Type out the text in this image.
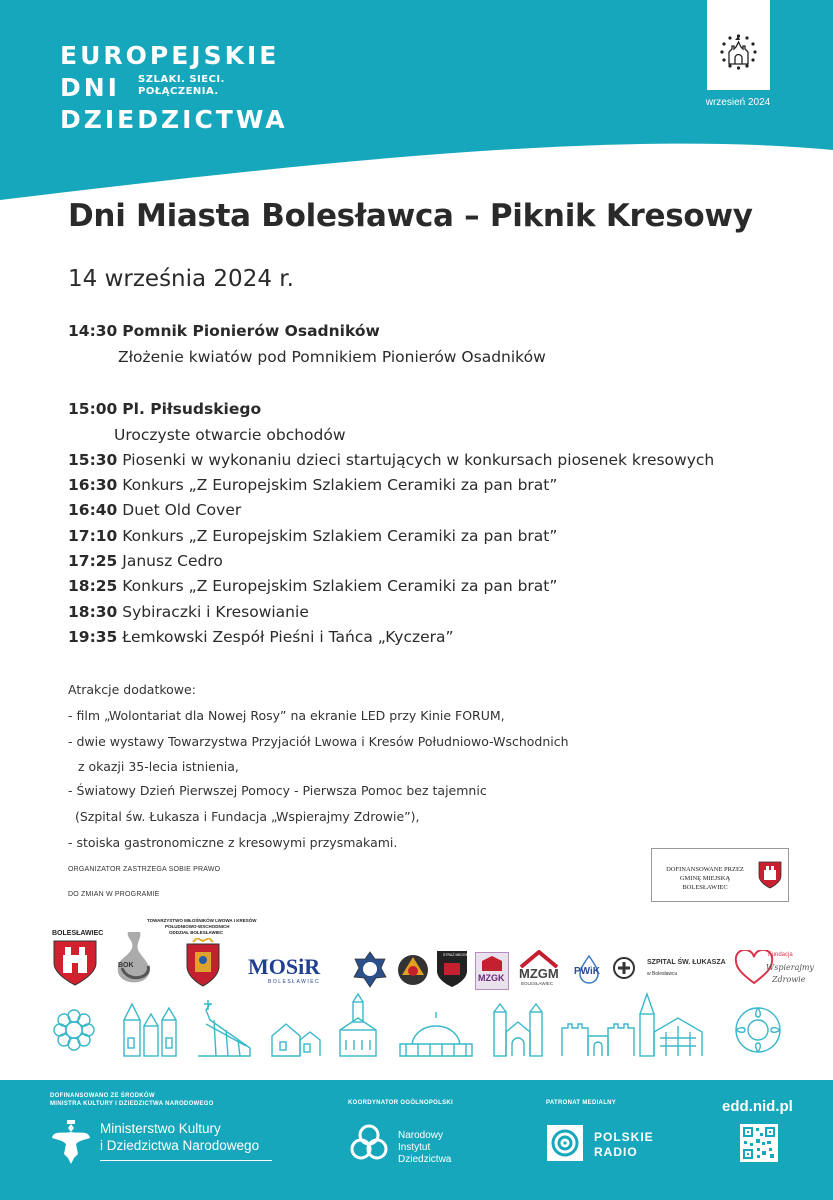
EUROPEJSKIE
DNI
DZIEDZICTWA
SZLAKI. SIECI.
POŁĄCZENIA.
wrzesień 2024
Dni Miasta Bolesławca – Piknik Kresowy
14 września 2024 r.
14:30 Pomnik Pionierów Osadników
Złożenie kwiatów pod Pomnikiem Pionierów Osadników
15:00 Pl. Piłsudskiego
Uroczyste otwarcie obchodów
15:30 Piosenki w wykonaniu dzieci startujących w konkursach piosenek kresowych
16:30 Konkurs „Z Europejskim Szlakiem Ceramiki za pan brat”
16:40 Duet Old Cover
17:10 Konkurs „Z Europejskim Szlakiem Ceramiki za pan brat”
17:25 Janusz Cedro
18:25 Konkurs „Z Europejskim Szlakiem Ceramiki za pan brat”
18:30 Sybiraczki i Kresowianie
19:35 Łemkowski Zespół Pieśni i Tańca „Kyczera”
Atrakcje dodatkowe:
- film „Wolontariat dla Nowej Rosy” na ekranie LED przy Kinie FORUM,
- dwie wystawy Towarzystwa Przyjaciół Lwowa i Kresów Południowo-Wschodnich
z okazji 35-lecia istnienia,
- Światowy Dzień Pierwszej Pomocy - Pierwsza Pomoc bez tajemnic
(Szpital św. Łukasza i Fundacja „Wspierajmy Zdrowie”),
- stoiska gastronomiczne z kresowymi przysmakami.
ORGANIZATOR ZASTRZEGA SOBIE PRAWO
DO ZMIAN W PROGRAMIE
DOFINANSOWANE PRZEZ
GMINĘ MIEJSKĄ BOLESŁAWIEC
BOLESŁAWIEC
BOK
TOWARZYSTWO MIŁOŚNIKÓW LWOWA I KRESÓW
POŁUDNIOWO-WSCHODNICH
ODDZIAŁ BOLESŁAWIEC
MOSiR
BOLESŁAWIEC
STRAŻ MIEJSKA
MZGK MZGM
BOLESŁAWIEC
PWiK
SZPITAL ŚW. ŁUKASZA
w Bolesławcu
Fundacja
Wspierajmy
Zdrowie
DOFINANSOWANO ZE ŚRODKÓW
MINISTRA KULTURY I DZIEDZICTWA NARODOWEGO
Ministerstwo Kultury
i Dziedzictwa Narodowego
KOORDYNATOR OGÓLNOPOLSKI
Narodowy
Instytut
Dziedzictwa
PATRONAT MEDIALNY
POLSKIE
RADIO
edd.nid.pl
